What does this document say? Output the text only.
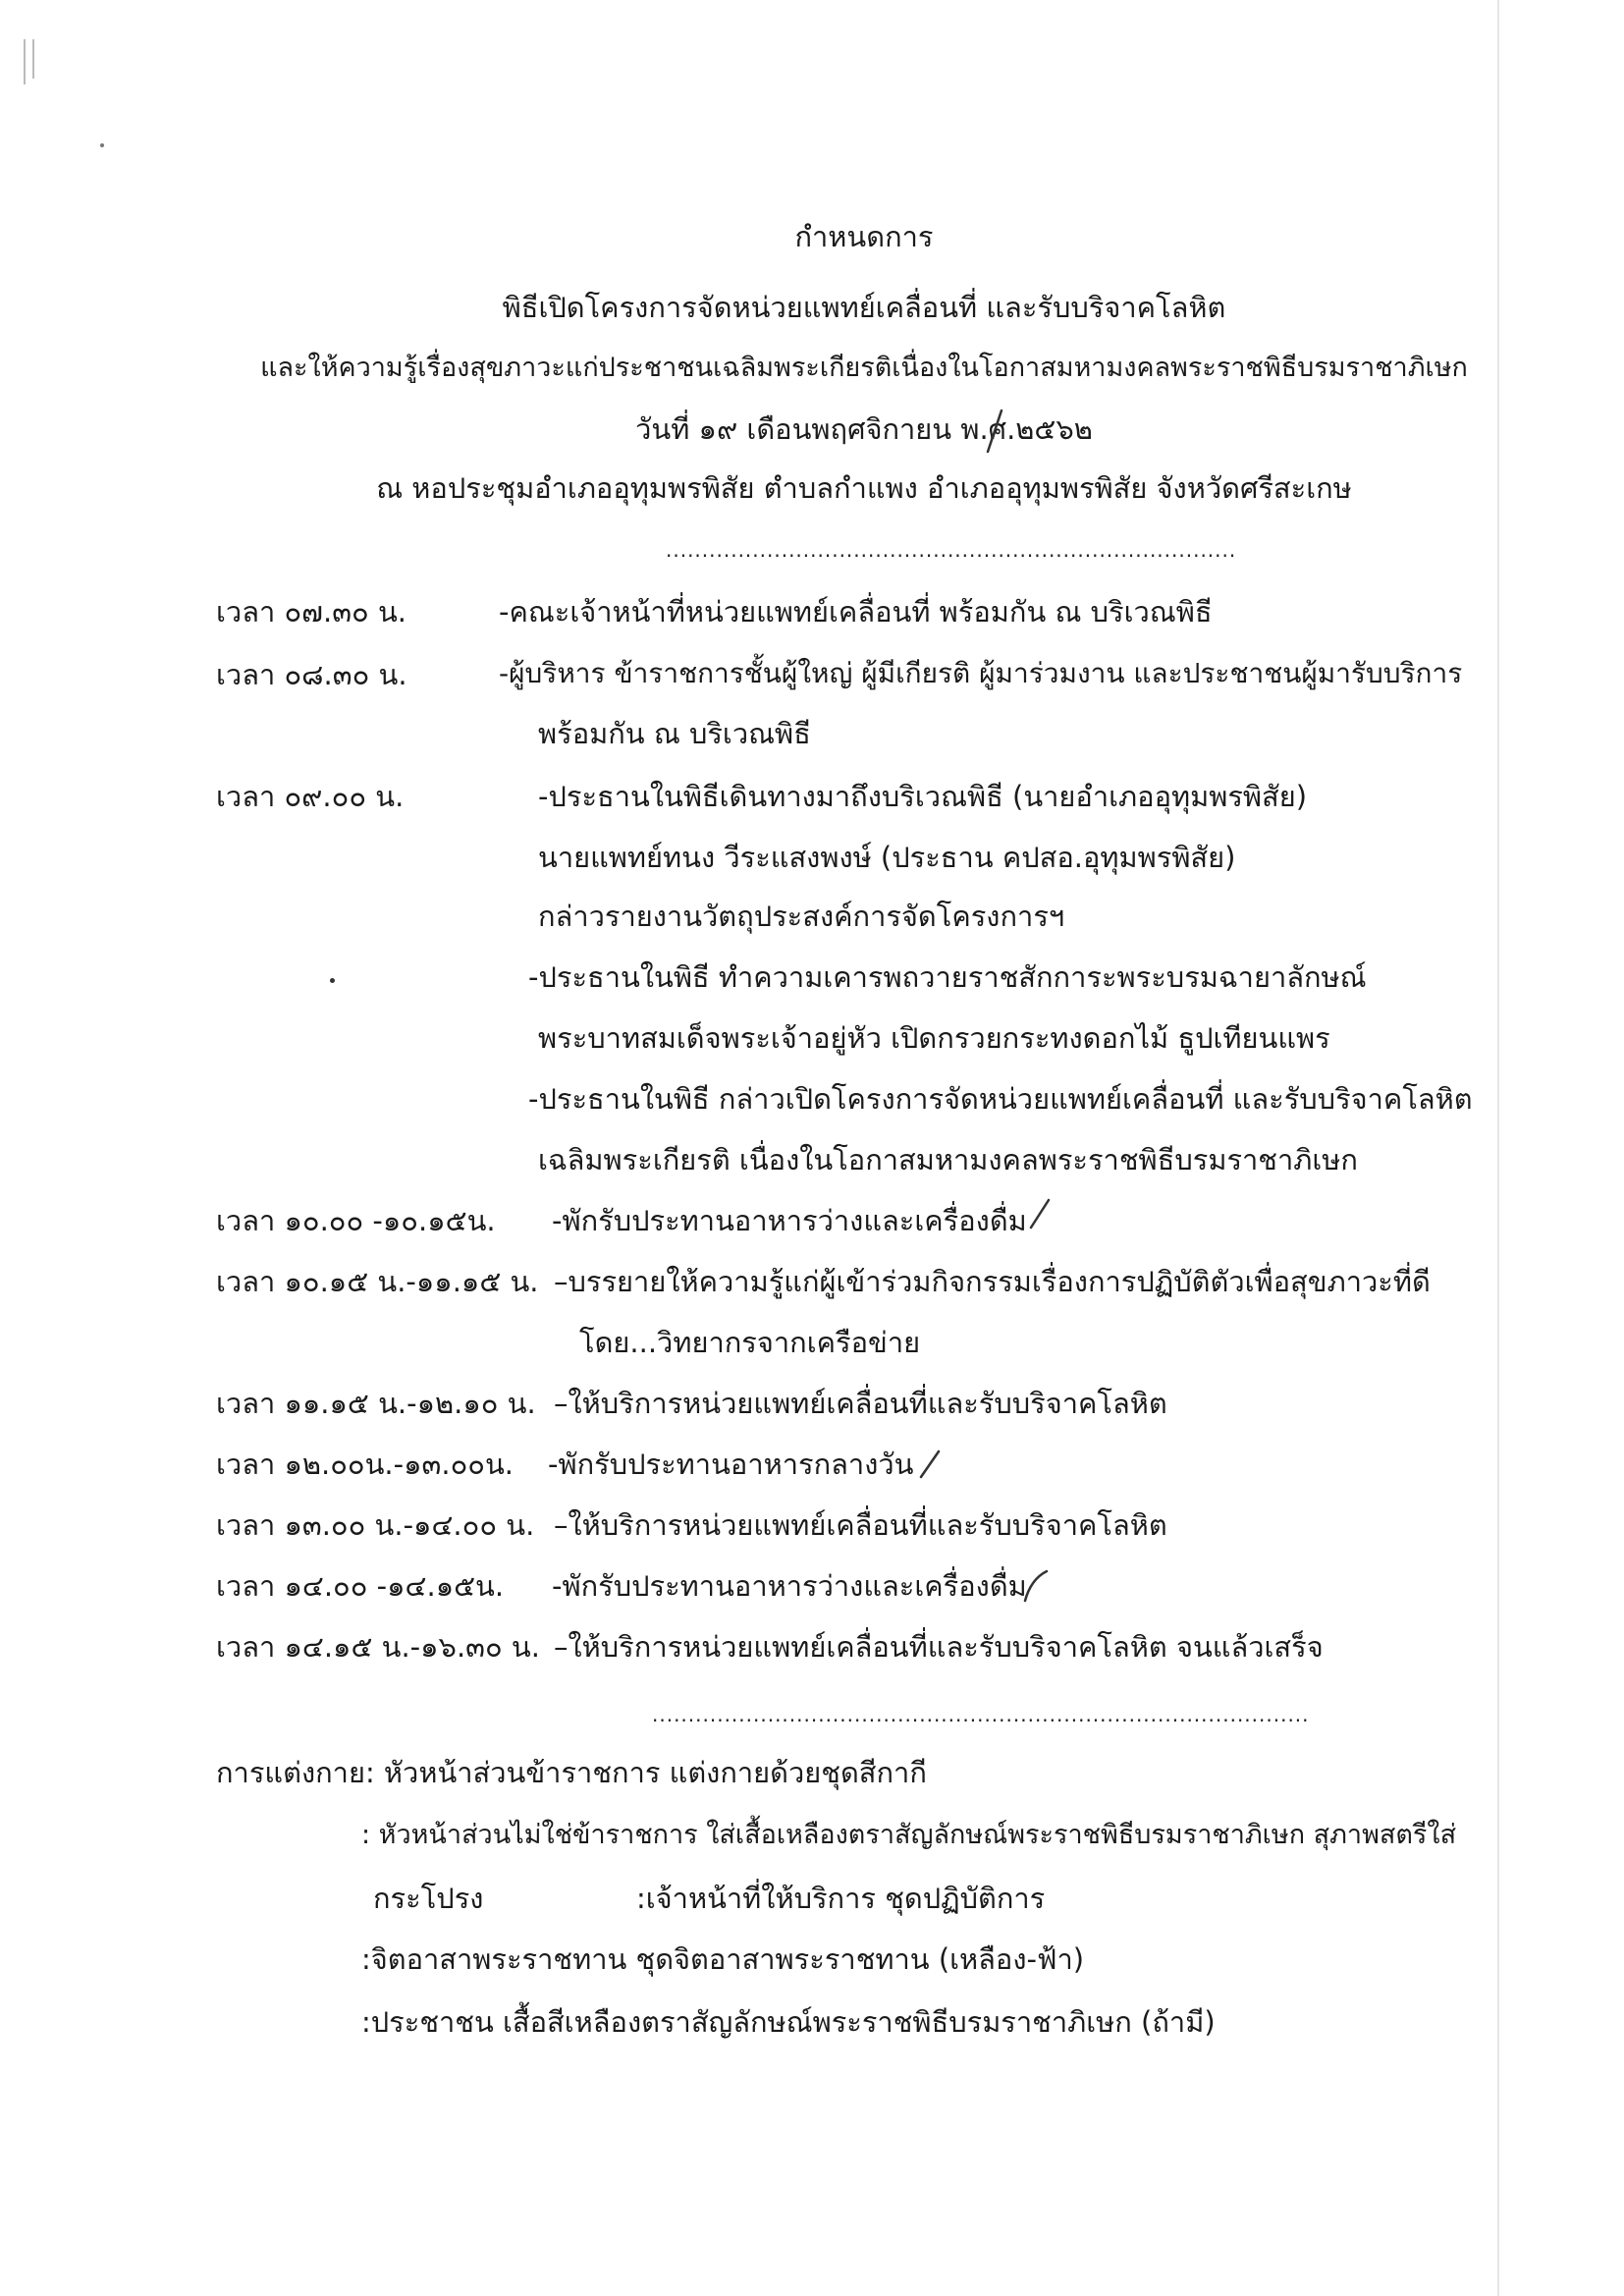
กำหนดการ
พิธีเปิดโครงการจัดหน่วยแพทย์เคลื่อนที่ และรับบริจาคโลหิต
และให้ความรู้เรื่องสุขภาวะแก่ประชาชนเฉลิมพระเกียรติเนื่องในโอกาสมหามงคลพระราชพิธีบรมราชาภิเษก
วันที่ ๑๙ เดือนพฤศจิกายน พ.ศ.๒๕๖๒
ณ หอประชุมอำเภออุทุมพรพิสัย ตำบลกำแพง อำเภออุทุมพรพิสัย จังหวัดศรีสะเกษ
...............................................................................
เวลา ๐๗.๓๐ น.	-คณะเจ้าหน้าที่หน่วยแพทย์เคลื่อนที่ พร้อมกัน ณ บริเวณพิธี
เวลา ๐๘.๓๐ น.	-ผู้บริหาร ข้าราชการชั้นผู้ใหญ่ ผู้มีเกียรติ ผู้มาร่วมงาน และประชาชนผู้มารับบริการ
พร้อมกัน ณ บริเวณพิธี
เวลา ๐๙.๐๐ น.	-ประธานในพิธีเดินทางมาถึงบริเวณพิธี (นายอำเภออุทุมพรพิสัย)
นายแพทย์ทนง วีระแสงพงษ์ (ประธาน คปสอ.อุทุมพรพิสัย)
กล่าวรายงานวัตถุประสงค์การจัดโครงการฯ
-ประธานในพิธี ทำความเคารพถวายราชสักการะพระบรมฉายาลักษณ์
พระบาทสมเด็จพระเจ้าอยู่หัว เปิดกรวยกระทงดอกไม้ ธูปเทียนแพร
-ประธานในพิธี กล่าวเปิดโครงการจัดหน่วยแพทย์เคลื่อนที่ และรับบริจาคโลหิต
เฉลิมพระเกียรติ เนื่องในโอกาสมหามงคลพระราชพิธีบรมราชาภิเษก
เวลา ๑๐.๐๐ -๑๐.๑๕น. -พักรับประทานอาหารว่างและเครื่องดื่ม
เวลา ๑๐.๑๕ น.-๑๑.๑๕ น. –บรรยายให้ความรู้แก่ผู้เข้าร่วมกิจกรรมเรื่องการปฏิบัติตัวเพื่อสุขภาวะที่ดี
โดย...วิทยากรจากเครือข่าย
เวลา ๑๑.๑๕ น.-๑๒.๑๐ น. –ให้บริการหน่วยแพทย์เคลื่อนที่และรับบริจาคโลหิต
เวลา ๑๒.๐๐น.-๑๓.๐๐น. -พักรับประทานอาหารกลางวัน
เวลา ๑๓.๐๐ น.-๑๔.๐๐ น. –ให้บริการหน่วยแพทย์เคลื่อนที่และรับบริจาคโลหิต
เวลา ๑๔.๐๐ -๑๔.๑๕น. -พักรับประทานอาหารว่างและเครื่องดื่ม
เวลา ๑๔.๑๕ น.-๑๖.๓๐ น. –ให้บริการหน่วยแพทย์เคลื่อนที่และรับบริจาคโลหิต จนแล้วเสร็จ
...........................................................................................
การแต่งกาย: หัวหน้าส่วนข้าราชการ แต่งกายด้วยชุดสีกากี
: หัวหน้าส่วนไม่ใช่ข้าราชการ ใส่เสื้อเหลืองตราสัญลักษณ์พระราชพิธีบรมราชาภิเษก สุภาพสตรีใส่
กระโปรง	:เจ้าหน้าที่ให้บริการ ชุดปฏิบัติการ
:จิตอาสาพระราชทาน ชุดจิตอาสาพระราชทาน (เหลือง-ฟ้า)
:ประชาชน เสื้อสีเหลืองตราสัญลักษณ์พระราชพิธีบรมราชาภิเษก (ถ้ามี)
